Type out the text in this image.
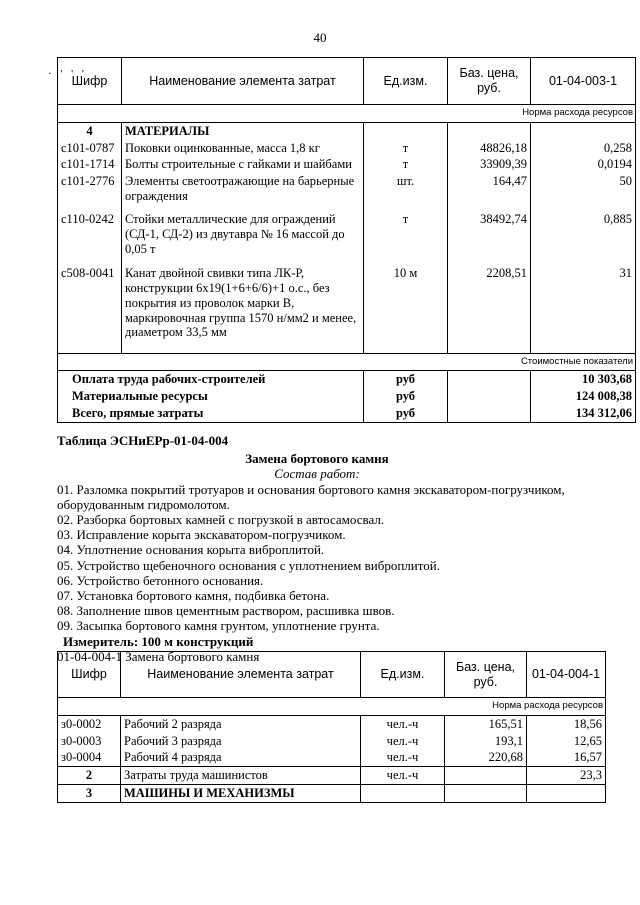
40
· ' ' '
Шифр	Наименование элемента затрат	Ед.изм.	Баз. цена, руб.	01-04-003-1
Норма расхода ресурсов				
4	МАТЕРИАЛЫ			
с101-0787	Поковки оцинкованные, масса 1,8 кг	т	48826,18	0,258
с101-1714	Болты строительные с гайками и шайбами	т	33909,39	0,0194
с101-2776	Элементы светоотражающие на барьерные ограждения	шт.	164,47	50
с110-0242	Стойки металлические для ограждений (СД-1, СД-2) из двутавра № 16 массой до 0,05 т	т	38492,74	0,885
с508-0041	Канат двойной свивки типа ЛК-Р, конструкции 6х19(1+6+6/6)+1 о.с., без покрытия из проволок марки В, маркировочная группа 1570 н/мм2 и менее, диаметром 33,5 мм	10 м	2208,51	31
Стоимостные показатели				
Оплата труда рабочих-строителей		руб		10 303,68
Материальные ресурсы		руб		124 008,38
Всего, прямые затраты		руб		134 312,06
Таблица ЭСНиЕРр-01-04-004
Замена бортового камня
Состав работ:
01. Разломка покрытий тротуаров и основания бортового камня экскаватором-погрузчиком,
оборудованным гидромолотом.
02. Разборка бортовых камней с погрузкой в автосамосвал.
03. Исправление корыта экскаватором-погрузчиком.
04. Уплотнение основания корыта виброплитой.
05. Устройство щебеночного основания с уплотнением виброплитой.
06. Устройство бетонного основания.
07. Установка бортового камня, подбивка бетона.
08. Заполнение швов цементным раствором, расшивка швов.
09. Засыпка бортового камня грунтом, уплотнение грунта.
Измеритель: 100 м конструкций
01-04-004-1 Замена бортового камня
Шифр	Наименование элемента затрат	Ед.изм.	Баз. цена, руб.	01-04-004-1
Норма расхода ресурсов				
з0-0002	Рабочий 2 разряда	чел.-ч	165,51	18,56
з0-0003	Рабочий 3 разряда	чел.-ч	193,1	12,65
з0-0004	Рабочий 4 разряда	чел.-ч	220,68	16,57
2	Затраты труда машинистов	чел.-ч		23,3
3	МАШИНЫ И МЕХАНИЗМЫ			
